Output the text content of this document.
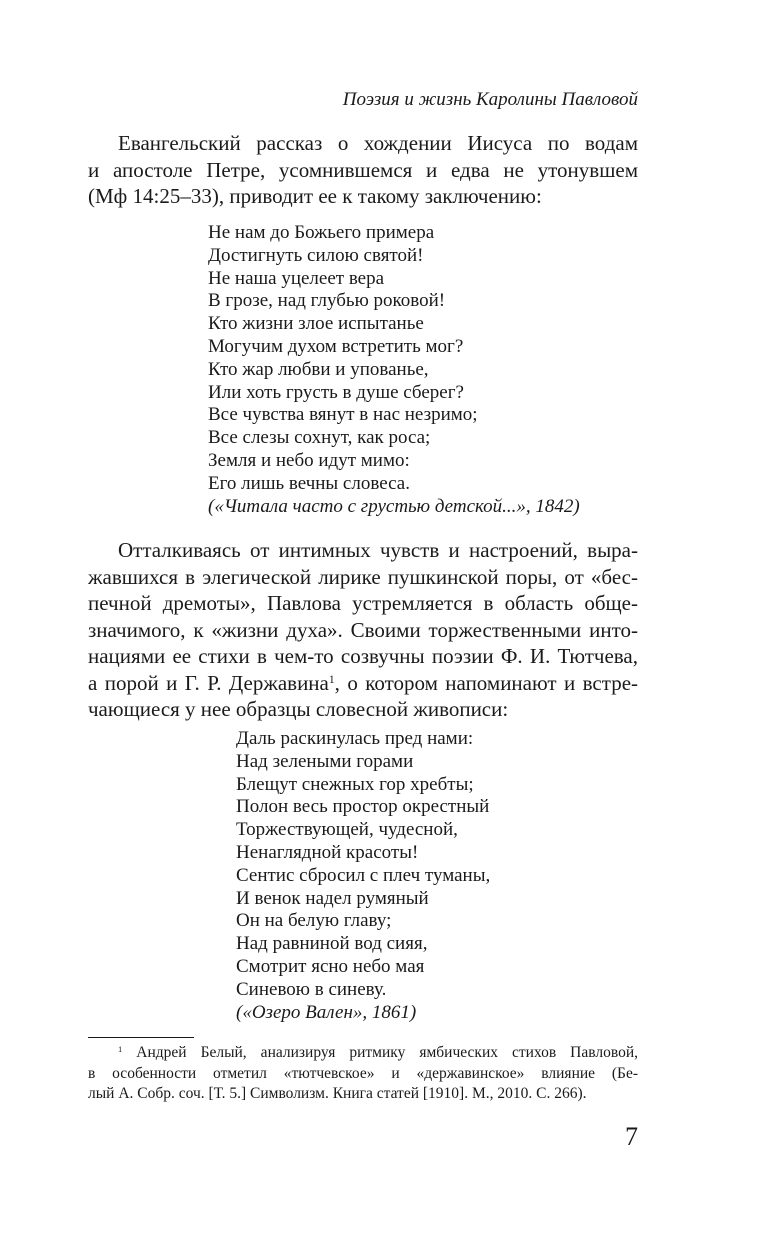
Поэзия и жизнь Каролины Павловой

Евангельский рассказ о хождении Иисуса по водам
и апостоле Петре, усомнившемся и едва не утонувшем
(Мф 14:25–33), приводит ее к такому заключению:

Не нам до Божьего примера
Достигнуть силою святой!
Не наша уцелеет вера
В грозе, над глубью роковой!
Кто жизни злое испытанье
Могучим духом встретить мог?
Кто жар любви и упованье,
Или хоть грусть в душе сберег?
Все чувства вянут в нас незримо;
Все слезы сохнут, как роса;
Земля и небо идут мимо:
Его лишь вечны словеса.
(«Читала часто с грустью детской...», 1842)

Отталкиваясь от интимных чувств и настроений, выра-
жавшихся в элегической лирике пушкинской поры, от «бес-
печной дремоты», Павлова устремляется в область обще-
значимого, к «жизни духа». Своими торжественными инто-
нациями ее стихи в чем-то созвучны поэзии Ф. И. Тютчева,
а порой и Г. Р. Державина$^1$, о котором напоминают и встре-
чающиеся у нее образцы словесной живописи:

Даль раскинулась пред нами:
Над зелеными горами
Блещут снежных гор хребты;
Полон весь простор окрестный
Торжествующей, чудесной,
Ненаглядной красоты!
Сентис сбросил с плеч туманы,
И венок надел румяный
Он на белую главу;
Над равниной вод сияя,
Смотрит ясно небо мая
Синевою в синеву.
(«Озеро Вален», 1861)

$^1$ Андрей Белый, анализируя ритмику ямбических стихов Павловой,
в особенности отметил «тютчевское» и «державинское» влияние (Бе-
лый А. Собр. соч. [Т. 5.] Символизм. Книга статей [1910]. М., 2010. С. 266).

7
